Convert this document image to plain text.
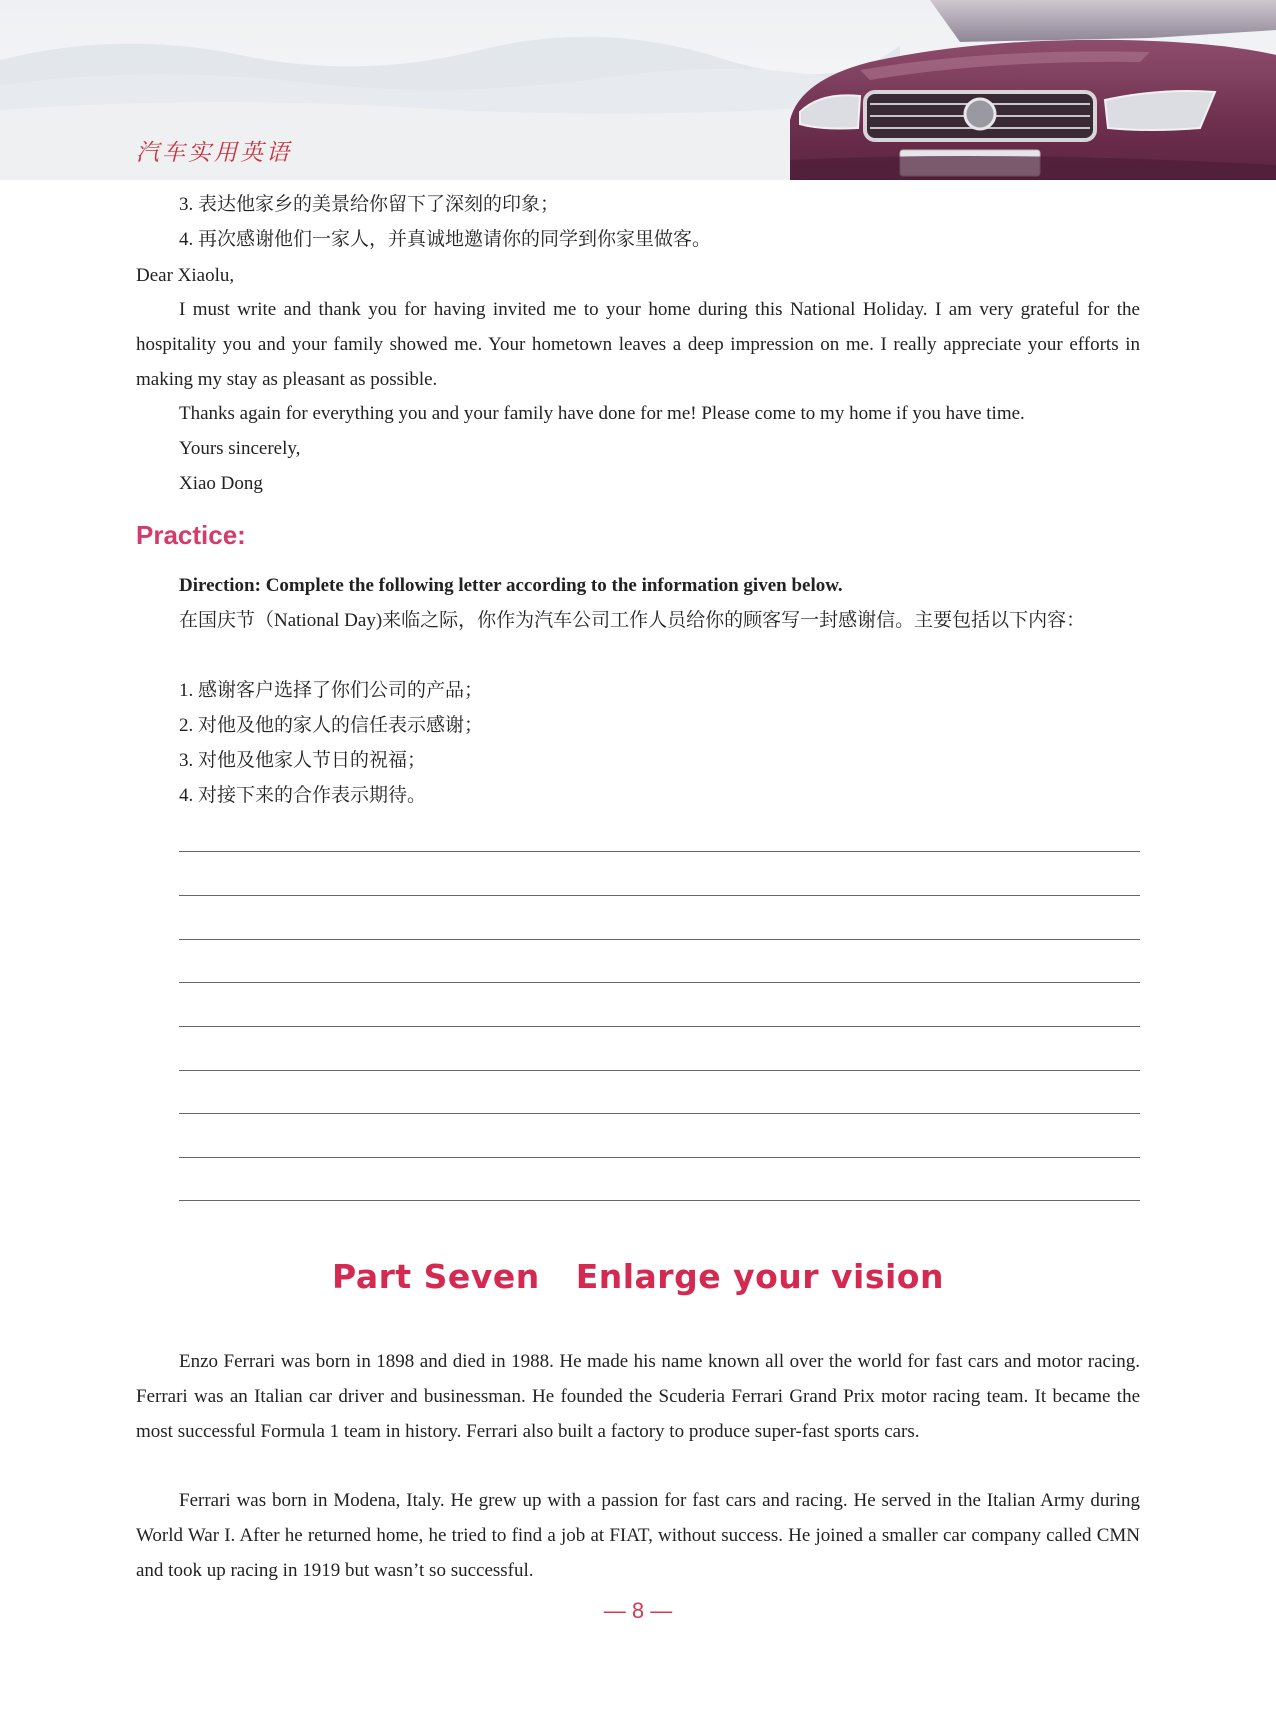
汽车实用英语
3. 表达他家乡的美景给你留下了深刻的印象；
4. 再次感谢他们一家人，并真诚地邀请你的同学到你家里做客。
Dear Xiaolu,
I must write and thank you for having invited me to your home during this National Holiday. I am very grateful for the hospitality you and your family showed me. Your hometown leaves a deep impression on me. I really appreciate your efforts in making my stay as pleasant as possible.
Thanks again for everything you and your family have done for me! Please come to my home if you have time.
Yours sincerely,
Xiao Dong
Practice:
Direction: Complete the following letter according to the information given below.
在国庆节（National Day)来临之际，你作为汽车公司工作人员给你的顾客写一封感谢信。主要包括以下内容：
1. 感谢客户选择了你们公司的产品；
2. 对他及他的家人的信任表示感谢；
3. 对他及他家人节日的祝福；
4. 对接下来的合作表示期待。
Part Seven Enlarge your vision
Enzo Ferrari was born in 1898 and died in 1988. He made his name known all over the world for fast cars and motor racing. Ferrari was an Italian car driver and businessman. He founded the Scuderia Ferrari Grand Prix motor racing team. It became the most successful Formula 1 team in history. Ferrari also built a factory to produce super-fast sports cars.
Ferrari was born in Modena, Italy. He grew up with a passion for fast cars and racing. He served in the Italian Army during World War I. After he returned home, he tried to find a job at FIAT, without success. He joined a smaller car company called CMN and took up racing in 1919 but wasn’t so successful.
— 8 —
